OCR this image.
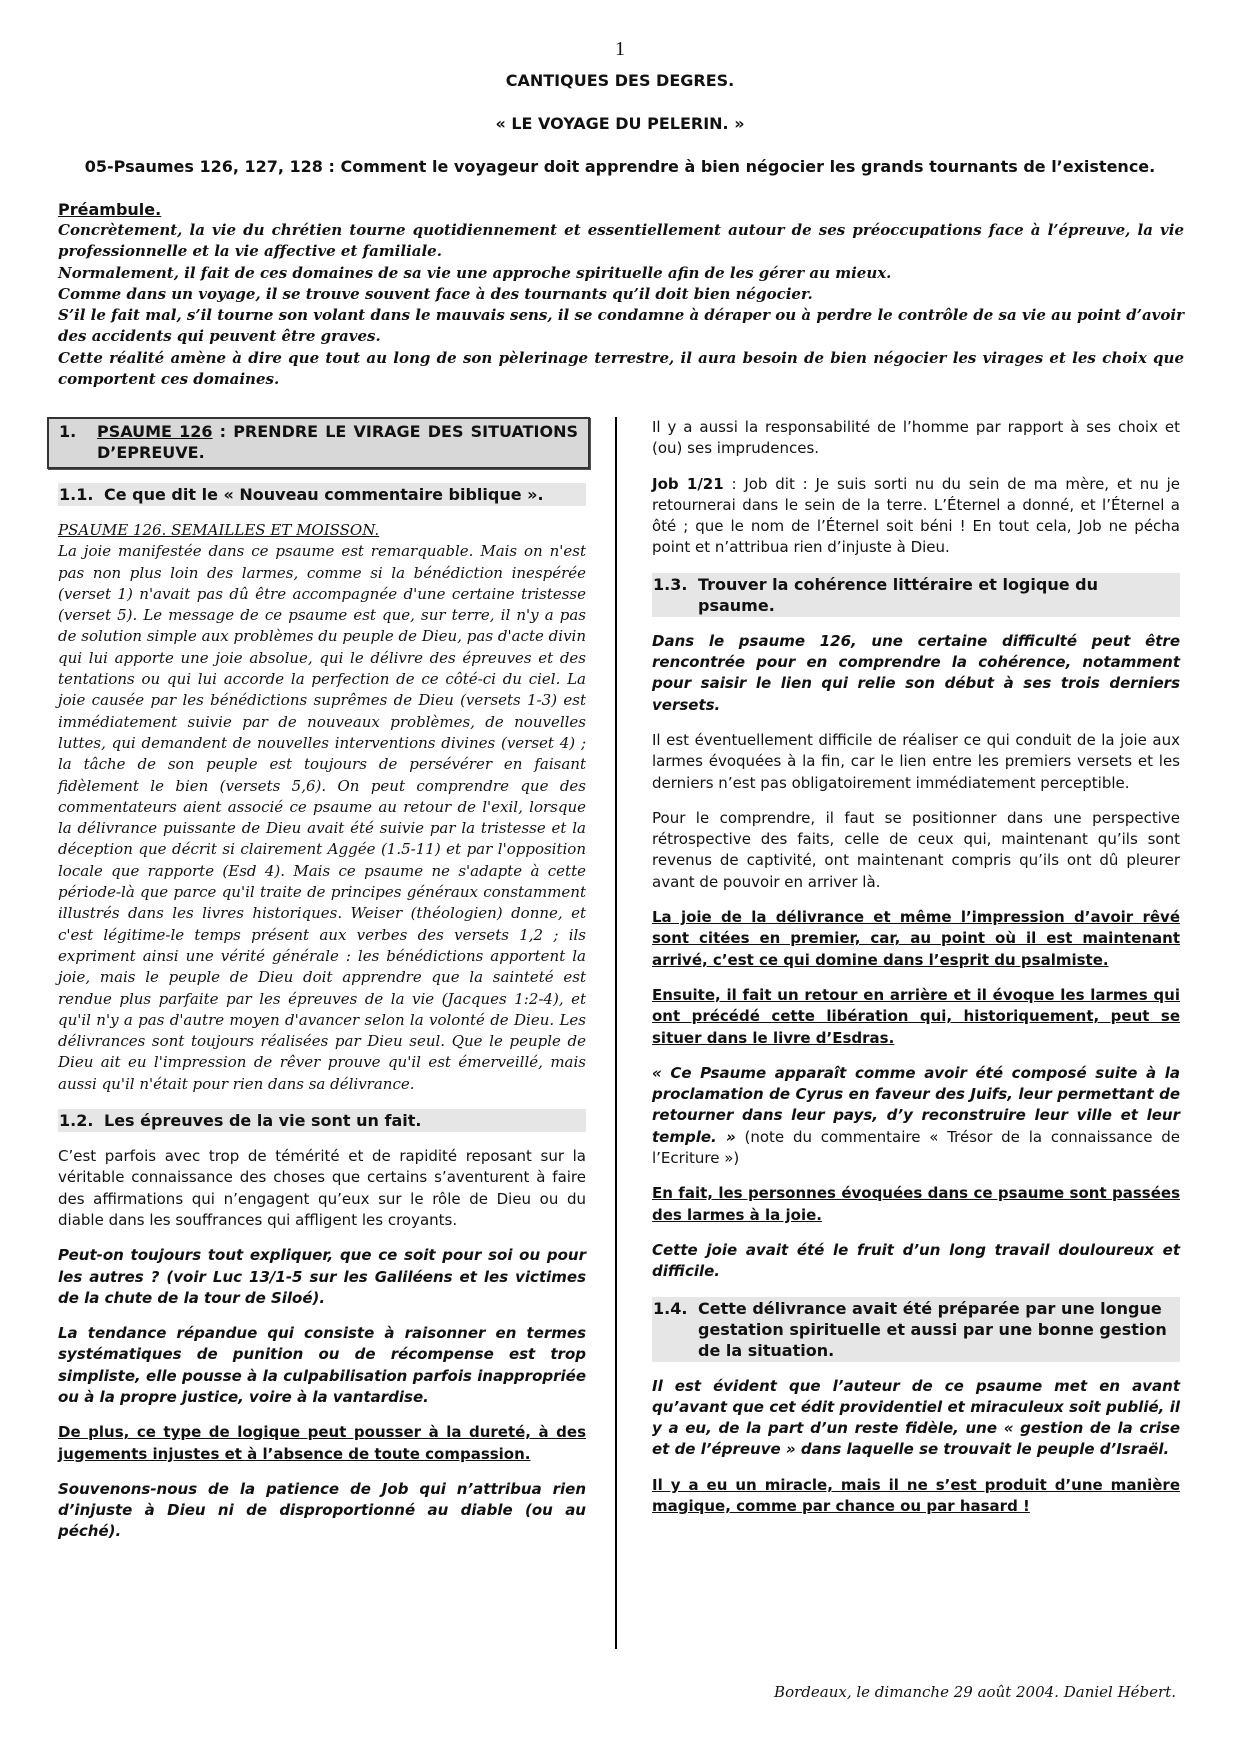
1
CANTIQUES DES DEGRES.
« LE VOYAGE DU PELERIN. »
05-Psaumes 126, 127, 128 : Comment le voyageur doit apprendre à bien négocier les grands tournants de l’existence.
Préambule.

Concrètement, la vie du chrétien tourne quotidiennement et essentiellement autour de ses préoccupations face à l’épreuve, la vie professionnelle et la vie affective et familiale.

Normalement, il fait de ces domaines de sa vie une approche spirituelle afin de les gérer au mieux.

Comme dans un voyage, il se trouve souvent face à des tournants qu’il doit bien négocier.

S’il le fait mal, s’il tourne son volant dans le mauvais sens, il se condamne à déraper ou à perdre le contrôle de sa vie au point d’avoir des accidents qui peuvent être graves.

Cette réalité amène à dire que tout au long de son pèlerinage terrestre, il aura besoin de bien négocier les virages et les choix que comportent ces domaines.

1.	PSAUME 126 : PRENDRE LE VIRAGE DES SITUATIONS D’EPREUVE.
1.1. Ce que dit le « Nouveau commentaire biblique ».

PSAUME 126. SEMAILLES ET MOISSON.

La joie manifestée dans ce psaume est remarquable. Mais on n'est pas non plus loin des larmes, comme si la bénédiction inespérée (verset 1) n'avait pas dû être accompagnée d'une certaine tristesse (verset 5). Le message de ce psaume est que, sur terre, il n'y a pas de solution simple aux problèmes du peuple de Dieu, pas d'acte divin qui lui apporte une joie absolue, qui le délivre des épreuves et des tentations ou qui lui accorde la perfection de ce côté-ci du ciel. La joie causée par les bénédictions suprêmes de Dieu (versets 1-3) est immédiatement suivie par de nouveaux problèmes, de nouvelles luttes, qui demandent de nouvelles interventions divines (verset 4) ; la tâche de son peuple est toujours de persévérer en faisant fidèlement le bien (versets 5,6). On peut comprendre que des commentateurs aient associé ce psaume au retour de l'exil, lorsque la délivrance puissante de Dieu avait été suivie par la tristesse et la déception que décrit si clairement Aggée (1.5-11) et par l'opposition locale que rapporte (Esd 4). Mais ce psaume ne s'adapte à cette période-là que parce qu'il traite de principes généraux constamment illustrés dans les livres historiques. Weiser (théologien) donne, et c'est légitime-le temps présent aux verbes des versets 1,2 ; ils expriment ainsi une vérité générale : les bénédictions apportent la joie, mais le peuple de Dieu doit apprendre que la sainteté est rendue plus parfaite par les épreuves de la vie (Jacques 1:2-4), et qu'il n'y a pas d'autre moyen d'avancer selon la volonté de Dieu. Les délivrances sont toujours réalisées par Dieu seul. Que le peuple de Dieu ait eu l'impression de rêver prouve qu'il est émerveillé, mais aussi qu'il n'était pour rien dans sa délivrance.

1.2. Les épreuves de la vie sont un fait.

C’est parfois avec trop de témérité et de rapidité reposant sur la véritable connaissance des choses que certains s’aventurent à faire des affirmations qui n’engagent qu’eux sur le rôle de Dieu ou du diable dans les souffrances qui affligent les croyants.

Peut-on toujours tout expliquer, que ce soit pour soi ou pour les autres ? (voir Luc 13/1-5 sur les Galiléens et les victimes de la chute de la tour de Siloé).

La tendance répandue qui consiste à raisonner en termes systématiques de punition ou de récompense est trop simpliste, elle pousse à la culpabilisation parfois inappropriée ou à la propre justice, voire à la vantardise.

De plus, ce type de logique peut pousser à la dureté, à des jugements injustes et à l’absence de toute compassion.

Souvenons-nous de la patience de Job qui n’attribua rien d’injuste à Dieu ni de disproportionné au diable (ou au péché).

Il y a aussi la responsabilité de l’homme par rapport à ses choix et (ou) ses imprudences.

Job 1/21 : Job dit : Je suis sorti nu du sein de ma mère, et nu je retournerai dans le sein de la terre. L’Éternel a donné, et l’Éternel a ôté ; que le nom de l’Éternel soit béni ! En tout cela, Job ne pécha point et n’attribua rien d’injuste à Dieu.

1.3. Trouver la cohérence littéraire et logique du psaume.

Dans le psaume 126, une certaine difficulté peut être rencontrée pour en comprendre la cohérence, notamment pour saisir le lien qui relie son début à ses trois derniers versets.

Il est éventuellement difficile de réaliser ce qui conduit de la joie aux larmes évoquées à la fin, car le lien entre les premiers versets et les derniers n’est pas obligatoirement immédiatement perceptible.

Pour le comprendre, il faut se positionner dans une perspective rétrospective des faits, celle de ceux qui, maintenant qu’ils sont revenus de captivité, ont maintenant compris qu’ils ont dû pleurer avant de pouvoir en arriver là.

La joie de la délivrance et même l’impression d’avoir rêvé sont citées en premier, car, au point où il est maintenant arrivé, c’est ce qui domine dans l’esprit du psalmiste.

Ensuite, il fait un retour en arrière et il évoque les larmes qui ont précédé cette libération qui, historiquement, peut se situer dans le livre d’Esdras.

« Ce Psaume apparaît comme avoir été composé suite à la proclamation de Cyrus en faveur des Juifs, leur permettant de retourner dans leur pays, d’y reconstruire leur ville et leur temple. » (note du commentaire « Trésor de la connaissance de l’Ecriture »)

En fait, les personnes évoquées dans ce psaume sont passées des larmes à la joie.

Cette joie avait été le fruit d’un long travail douloureux et difficile.

1.4. Cette délivrance avait été préparée par une longue gestation spirituelle et aussi par une bonne gestion de la situation.

Il est évident que l’auteur de ce psaume met en avant qu’avant que cet édit providentiel et miraculeux soit publié, il y a eu, de la part d’un reste fidèle, une « gestion de la crise et de l’épreuve » dans laquelle se trouvait le peuple d’Israël.

Il y a eu un miracle, mais il ne s’est produit d’une manière magique, comme par chance ou par hasard !

Bordeaux, le dimanche 29 août 2004. Daniel Hébert.
